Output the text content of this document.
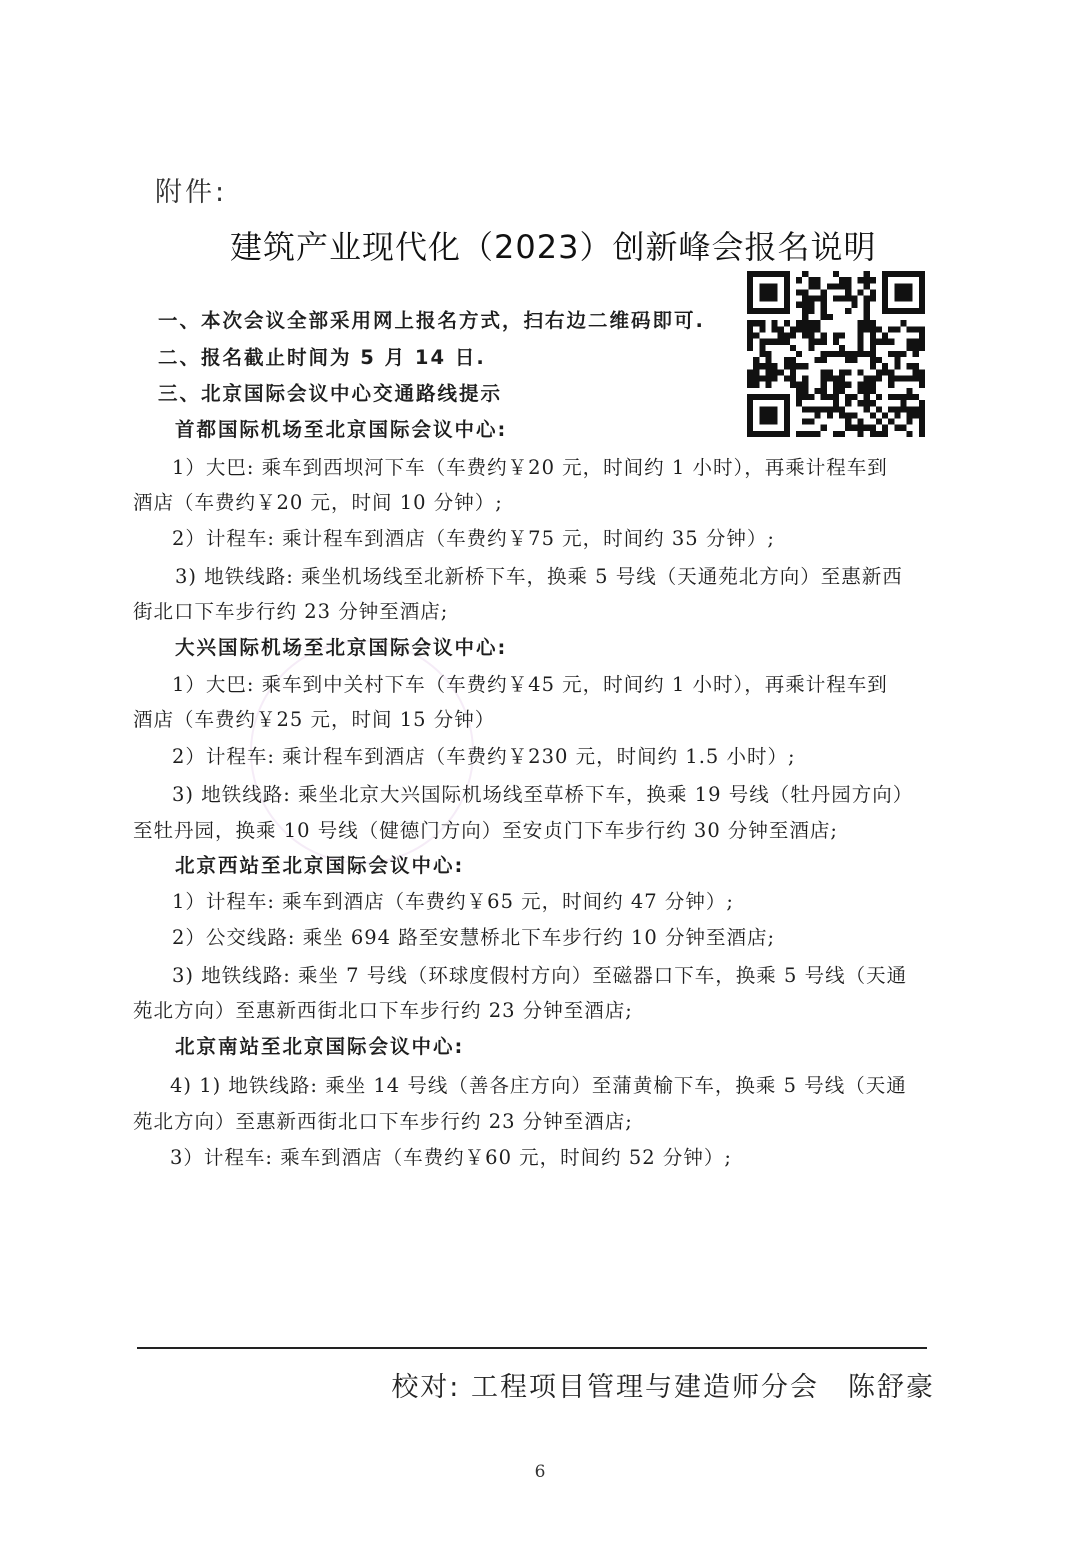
附件:
建筑产业现代化（2023）创新峰会报名说明
一、本次会议全部采用网上报名方式，扫右边二维码即可.
二、报名截止时间为 5 月 14 日.
三、北京国际会议中心交通路线提示
首都国际机场至北京国际会议中心:
1）大巴: 乘车到西坝河下车（车费约￥20 元，时间约 1 小时），再乘计程车到
酒店（车费约￥20 元，时间 10 分钟）;
2）计程车: 乘计程车到酒店（车费约￥75 元，时间约 35 分钟）;
3) 地铁线路: 乘坐机场线至北新桥下车，换乘 5 号线（天通苑北方向）至惠新西
街北口下车步行约 23 分钟至酒店;
大兴国际机场至北京国际会议中心:
1）大巴: 乘车到中关村下车（车费约￥45 元，时间约 1 小时），再乘计程车到
酒店（车费约￥25 元，时间 15 分钟）
2）计程车: 乘计程车到酒店（车费约￥230 元，时间约 1.5 小时）;
3) 地铁线路: 乘坐北京大兴国际机场线至草桥下车，换乘 19 号线（牡丹园方向）
至牡丹园，换乘 10 号线（健德门方向）至安贞门下车步行约 30 分钟至酒店;
北京西站至北京国际会议中心:
1）计程车: 乘车到酒店（车费约￥65 元，时间约 47 分钟）;
2）公交线路: 乘坐 694 路至安慧桥北下车步行约 10 分钟至酒店;
3) 地铁线路: 乘坐 7 号线（环球度假村方向）至磁器口下车，换乘 5 号线（天通
苑北方向）至惠新西街北口下车步行约 23 分钟至酒店;
北京南站至北京国际会议中心:
4) 1) 地铁线路: 乘坐 14 号线（善各庄方向）至蒲黄榆下车，换乘 5 号线（天通
苑北方向）至惠新西街北口下车步行约 23 分钟至酒店;
3）计程车: 乘车到酒店（车费约￥60 元，时间约 52 分钟）;
校对: 工程项目管理与建造师分会　陈舒豪
6
